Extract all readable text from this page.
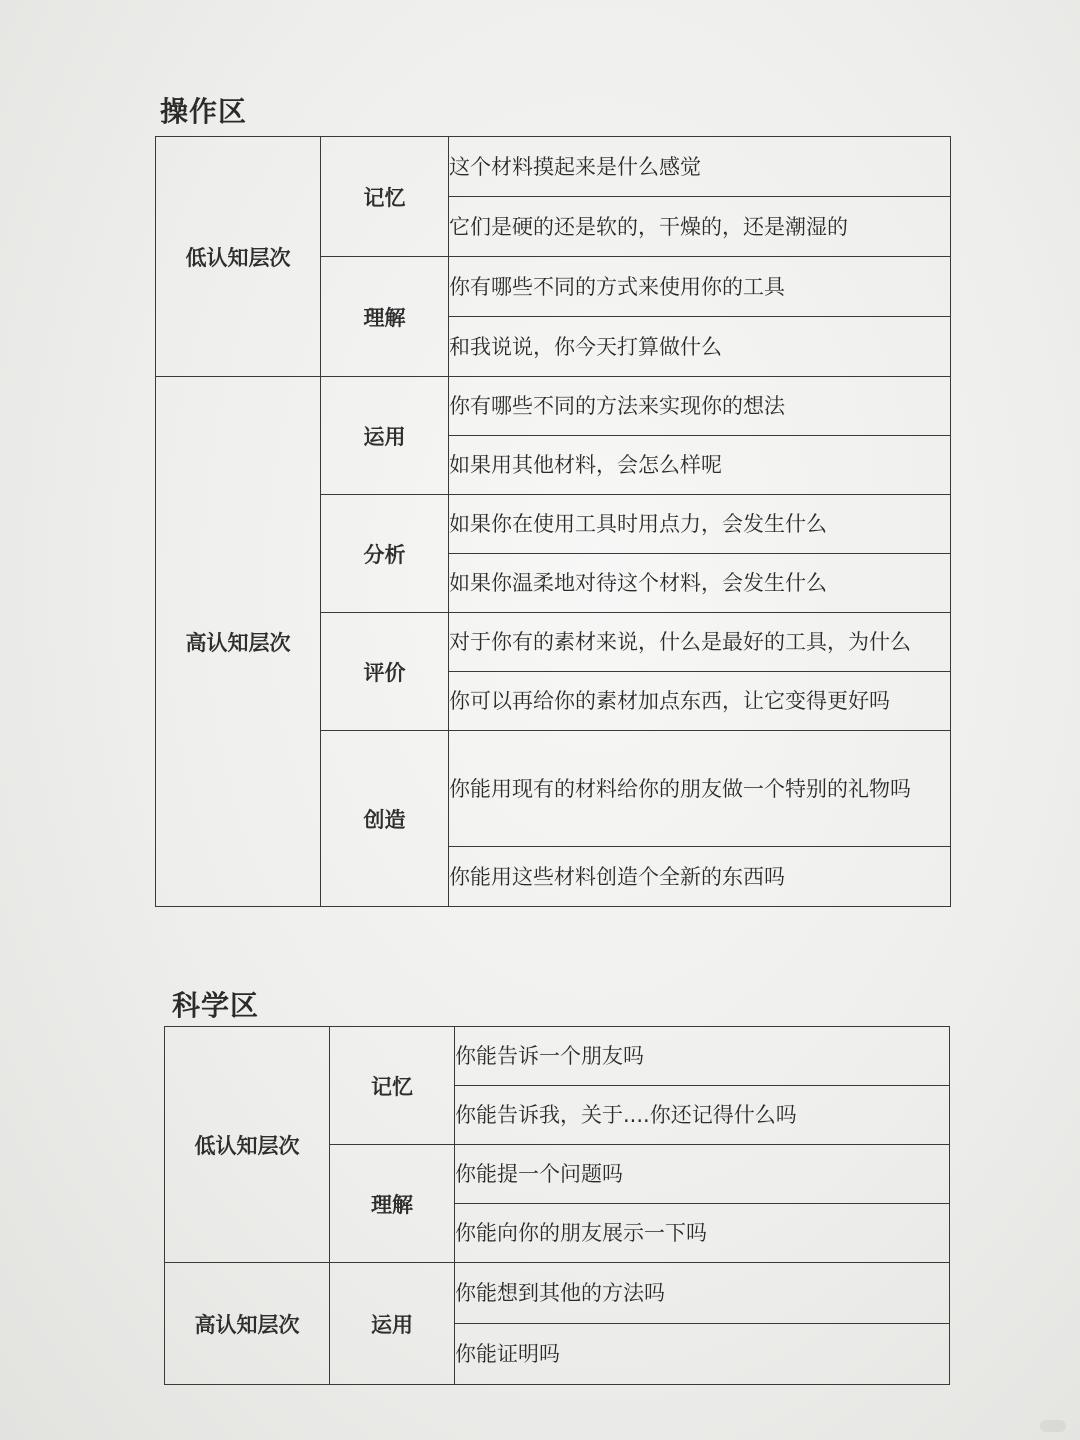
操作区
低认知层次	记忆	这个材料摸起来是什么感觉
		它们是硬的还是软的，干燥的，还是潮湿的
	理解	你有哪些不同的方式来使用你的工具
		和我说说，你今天打算做什么
高认知层次	运用	你有哪些不同的方法来实现你的想法
		如果用其他材料，会怎么样呢
	分析	如果你在使用工具时用点力，会发生什么
		如果你温柔地对待这个材料，会发生什么
	评价	对于你有的素材来说，什么是最好的工具，为什么
		你可以再给你的素材加点东西，让它变得更好吗
	创造	你能用现有的材料给你的朋友做一个特别的礼物吗
		你能用这些材料创造个全新的东西吗
科学区
低认知层次	记忆	你能告诉一个朋友吗
		你能告诉我，关于....你还记得什么吗
	理解	你能提一个问题吗
		你能向你的朋友展示一下吗
高认知层次	运用	你能想到其他的方法吗
		你能证明吗
